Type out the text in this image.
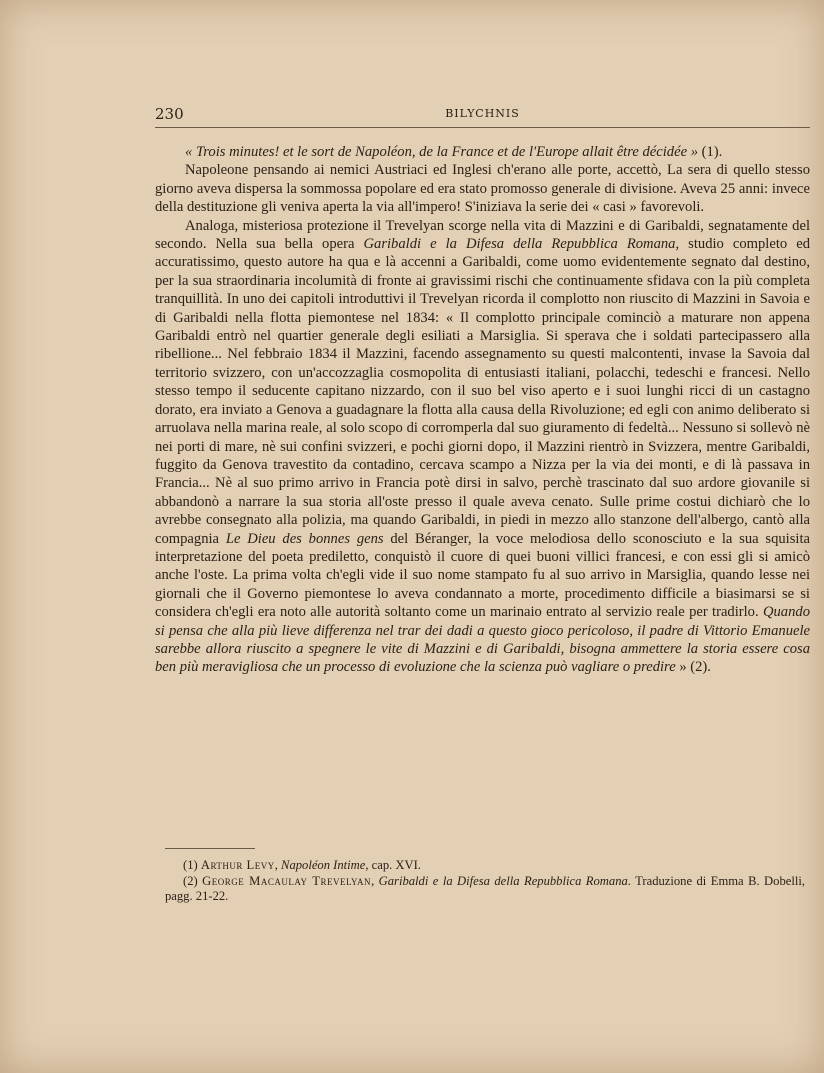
230	BILYCHNIS

« Trois minutes! et le sort de Napoléon, de la France et de l'Europe allait être décidée » (1).

Napoleone pensando ai nemici Austriaci ed Inglesi ch'erano alle porte, accettò, La sera di quello stesso giorno aveva dispersa la sommossa popolare ed era stato promosso generale di divisione. Aveva 25 anni: invece della destituzione gli veniva aperta la via all'impero! S'iniziava la serie dei « casi » favorevoli.

Analoga, misteriosa protezione il Trevelyan scorge nella vita di Mazzini e di Garibaldi, segnatamente del secondo. Nella sua bella opera Garibaldi e la Difesa della Repubblica Romana, studio completo ed accuratissimo, questo autore ha qua e là accenni a Garibaldi, come uomo evidentemente segnato dal destino, per la sua straordinaria incolumità di fronte ai gravissimi rischi che continuamente sfidava con la più completa tranquillità. In uno dei capitoli introduttivi il Trevelyan ricorda il complotto non riuscito di Mazzini in Savoia e di Garibaldi nella flotta piemontese nel 1834: « Il complotto principale cominciò a maturare non appena Garibaldi entrò nel quartier generale degli esiliati a Marsiglia. Si sperava che i soldati partecipassero alla ribellione... Nel febbraio 1834 il Mazzini, facendo assegnamento su questi malcontenti, invase la Savoia dal territorio svizzero, con un'accozzaglia cosmopolita di entusiasti italiani, polacchi, tedeschi e francesi. Nello stesso tempo il seducente capitano nizzardo, con il suo bel viso aperto e i suoi lunghi ricci di un castagno dorato, era inviato a Genova a guadagnare la flotta alla causa della Rivoluzione; ed egli con animo deliberato si arruolava nella marina reale, al solo scopo di corromperla dal suo giuramento di fedeltà... Nessuno si sollevò nè nei porti di mare, nè sui confini svizzeri, e pochi giorni dopo, il Mazzini rientrò in Svizzera, mentre Garibaldi, fuggito da Genova travestito da contadino, cercava scampo a Nizza per la via dei monti, e di là passava in Francia... Nè al suo primo arrivo in Francia potè dirsi in salvo, perchè trascinato dal suo ardore giovanile si abbandonò a narrare la sua storia all'oste presso il quale aveva cenato. Sulle prime costui dichiarò che lo avrebbe consegnato alla polizia, ma quando Garibaldi, in piedi in mezzo allo stanzone dell'albergo, cantò alla compagnia Le Dieu des bonnes gens del Béranger, la voce melodiosa dello sconosciuto e la sua squisita interpretazione del poeta prediletto, conquistò il cuore di quei buoni villici francesi, e con essi gli si amicò anche l'oste. La prima volta ch'egli vide il suo nome stampato fu al suo arrivo in Marsiglia, quando lesse nei giornali che il Governo piemontese lo aveva condannato a morte, procedimento difficile a biasimarsi se si considera ch'egli era noto alle autorità soltanto come un marinaio entrato al servizio reale per tradirlo. Quando si pensa che alla più lieve differenza nel trar dei dadi a questo gioco pericoloso, il padre di Vittorio Emanuele sarebbe allora riuscito a spegnere le vite di Mazzini e di Garibaldi, bisogna ammettere la storia essere cosa ben più meravigliosa che un processo di evoluzione che la scienza può vagliare o predire » (2).

(1) Arthur Levy, Napoléon Intime, cap. XVI.

(2) George Macaulay Trevelyan, Garibaldi e la Difesa della Repubblica Romana. Traduzione di Emma B. Dobelli, pagg. 21-22.
